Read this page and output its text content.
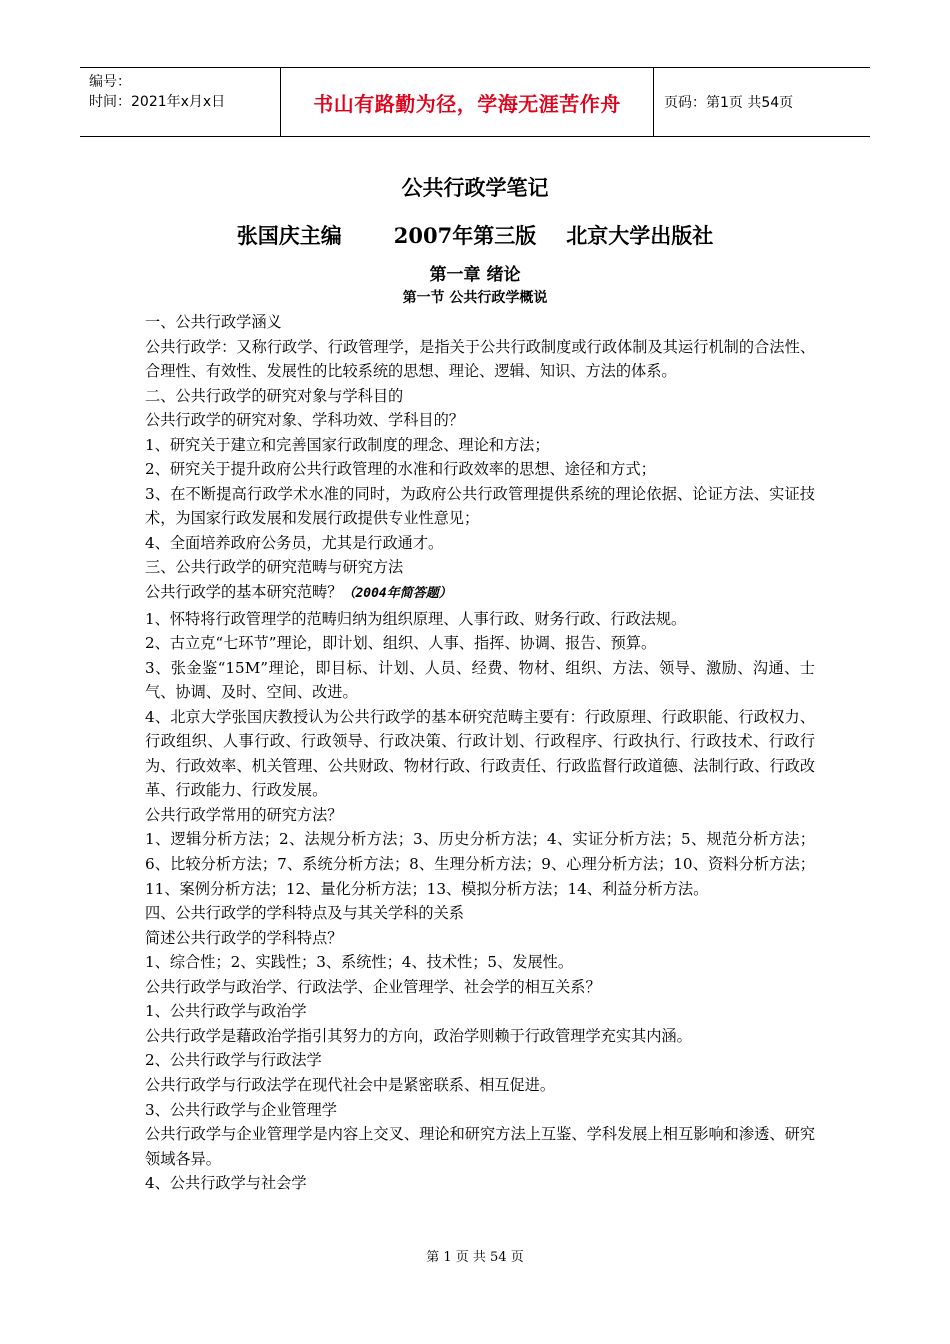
编号：
时间：2021年x月x日	书山有路勤为径，学海无涯苦作舟	页码：第1页 共54页
公共行政学笔记
张国庆主编 2007年第三版 北京大学出版社
第一章 绪论
第一节 公共行政学概说

一、公共行政学涵义

公共行政学：又称行政学、行政管理学，是指关于公共行政制度或行政体制及其运行机制的合法性、合理性、有效性、发展性的比较系统的思想、理论、逻辑、知识、方法的体系。

二、公共行政学的研究对象与学科目的

公共行政学的研究对象、学科功效、学科目的？

1、研究关于建立和完善国家行政制度的理念、理论和方法；

2、研究关于提升政府公共行政管理的水准和行政效率的思想、途径和方式；

3、在不断提高行政学术水准的同时，为政府公共行政管理提供系统的理论依据、论证方法、实证技术，为国家行政发展和发展行政提供专业性意见；

4、全面培养政府公务员，尤其是行政通才。

三、公共行政学的研究范畴与研究方法

公共行政学的基本研究范畴？（2004年简答题）

1、怀特将行政管理学的范畴归纳为组织原理、人事行政、财务行政、行政法规。

2、古立克“七环节”理论，即计划、组织、人事、指挥、协调、报告、预算。

3、张金鉴“15M”理论，即目标、计划、人员、经费、物材、组织、方法、领导、激励、沟通、士气、协调、及时、空间、改进。

4、北京大学张国庆教授认为公共行政学的基本研究范畴主要有：行政原理、行政职能、行政权力、行政组织、人事行政、行政领导、行政决策、行政计划、行政程序、行政执行、行政技术、行政行为、行政效率、机关管理、公共财政、物材行政、行政责任、行政监督行政道德、法制行政、行政改革、行政能力、行政发展。

公共行政学常用的研究方法？

1、逻辑分析方法；2、法规分析方法；3、历史分析方法；4、实证分析方法；5、规范分析方法；6、比较分析方法；7、系统分析方法；8、生理分析方法；9、心理分析方法；10、资料分析方法；11、案例分析方法；12、量化分析方法；13、模拟分析方法；14、利益分析方法。

四、公共行政学的学科特点及与其关学科的关系

简述公共行政学的学科特点？

1、综合性；2、实践性；3、系统性；4、技术性；5、发展性。

公共行政学与政治学、行政法学、企业管理学、社会学的相互关系？

1、公共行政学与政治学

公共行政学是藉政治学指引其努力的方向，政治学则赖于行政管理学充实其内涵。

2、公共行政学与行政法学

公共行政学与行政法学在现代社会中是紧密联系、相互促进。

3、公共行政学与企业管理学

公共行政学与企业管理学是内容上交叉、理论和研究方法上互鉴、学科发展上相互影响和渗透、研究领域各异。

4、公共行政学与社会学

第 1 页 共 54 页
